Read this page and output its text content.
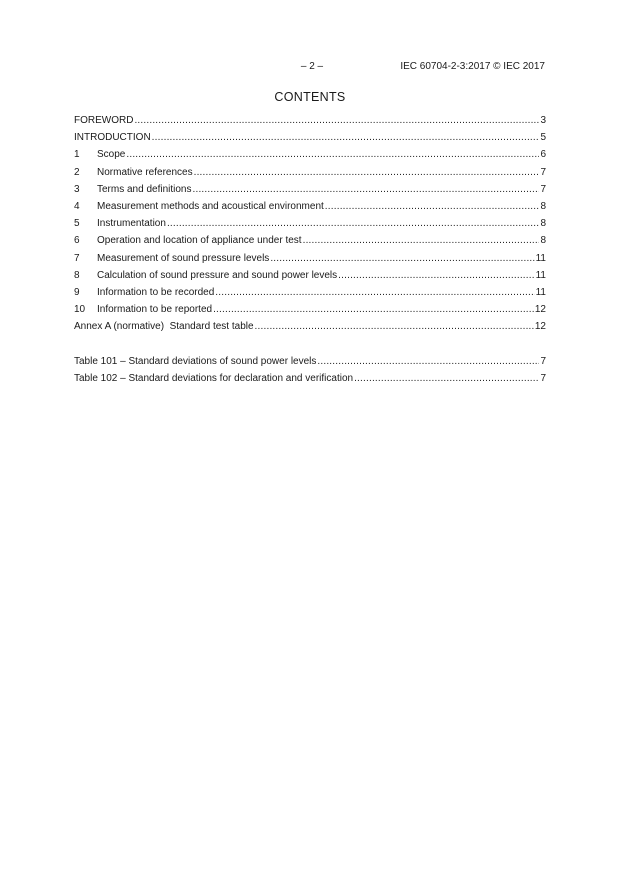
– 2 –	IEC 60704-2-3:2017 © IEC 2017
CONTENTS
FOREWORD .....	3
INTRODUCTION .....	5
1	Scope .....	6
2	Normative references .....	7
3	Terms and definitions .....	7
4	Measurement methods and acoustical environment .....	8
5	Instrumentation .....	8
6	Operation and location of appliance under test .....	8
7	Measurement of sound pressure levels .....	11
8	Calculation of sound pressure and sound power levels .....	11
9	Information to be recorded .....	11
10	Information to be reported .....	12
Annex A (normative)  Standard test table .....	12
Table 101 – Standard deviations of sound power levels .....	7
Table 102 – Standard deviations for declaration and verification .....	7
